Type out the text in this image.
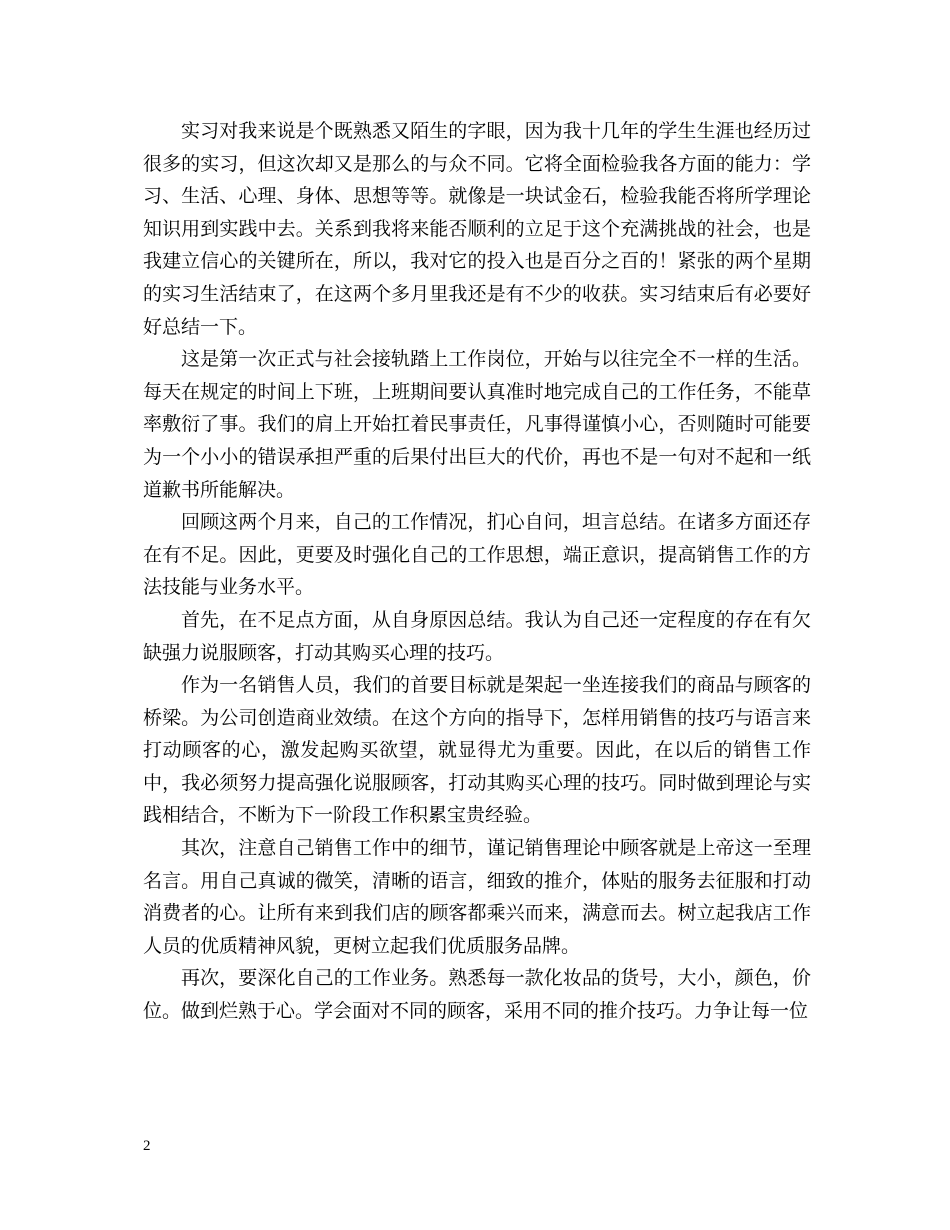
实习对我来说是个既熟悉又陌生的字眼，因为我十几年的学生生涯也经历过很多的实习，但这次却又是那么的与众不同。它将全面检验我各方面的能力：学习、生活、心理、身体、思想等等。就像是一块试金石，检验我能否将所学理论知识用到实践中去。关系到我将来能否顺利的立足于这个充满挑战的社会，也是我建立信心的关键所在，所以，我对它的投入也是百分之百的！紧张的两个星期的实习生活结束了，在这两个多月里我还是有不少的收获。实习结束后有必要好好总结一下。

这是第一次正式与社会接轨踏上工作岗位，开始与以往完全不一样的生活。每天在规定的时间上下班，上班期间要认真准时地完成自己的工作任务，不能草率敷衍了事。我们的肩上开始扛着民事责任，凡事得谨慎小心，否则随时可能要为一个小小的错误承担严重的后果付出巨大的代价，再也不是一句对不起和一纸道歉书所能解决。

回顾这两个月来，自己的工作情况，扪心自问，坦言总结。在诸多方面还存在有不足。因此，更要及时强化自己的工作思想，端正意识，提高销售工作的方法技能与业务水平。

首先，在不足点方面，从自身原因总结。我认为自己还一定程度的存在有欠缺强力说服顾客，打动其购买心理的技巧。

作为一名销售人员，我们的首要目标就是架起一坐连接我们的商品与顾客的桥梁。为公司创造商业效绩。在这个方向的指导下，怎样用销售的技巧与语言来打动顾客的心，激发起购买欲望，就显得尤为重要。因此，在以后的销售工作中，我必须努力提高强化说服顾客，打动其购买心理的技巧。同时做到理论与实践相结合，不断为下一阶段工作积累宝贵经验。

其次，注意自己销售工作中的细节，谨记销售理论中顾客就是上帝这一至理名言。用自己真诚的微笑，清晰的语言，细致的推介，体贴的服务去征服和打动消费者的心。让所有来到我们店的顾客都乘兴而来，满意而去。树立起我店工作人员的优质精神风貌，更树立起我们优质服务品牌。

再次，要深化自己的工作业务。熟悉每一款化妆品的货号，大小，颜色，价位。做到烂熟于心。学会面对不同的顾客，采用不同的推介技巧。力争让每一位

2
